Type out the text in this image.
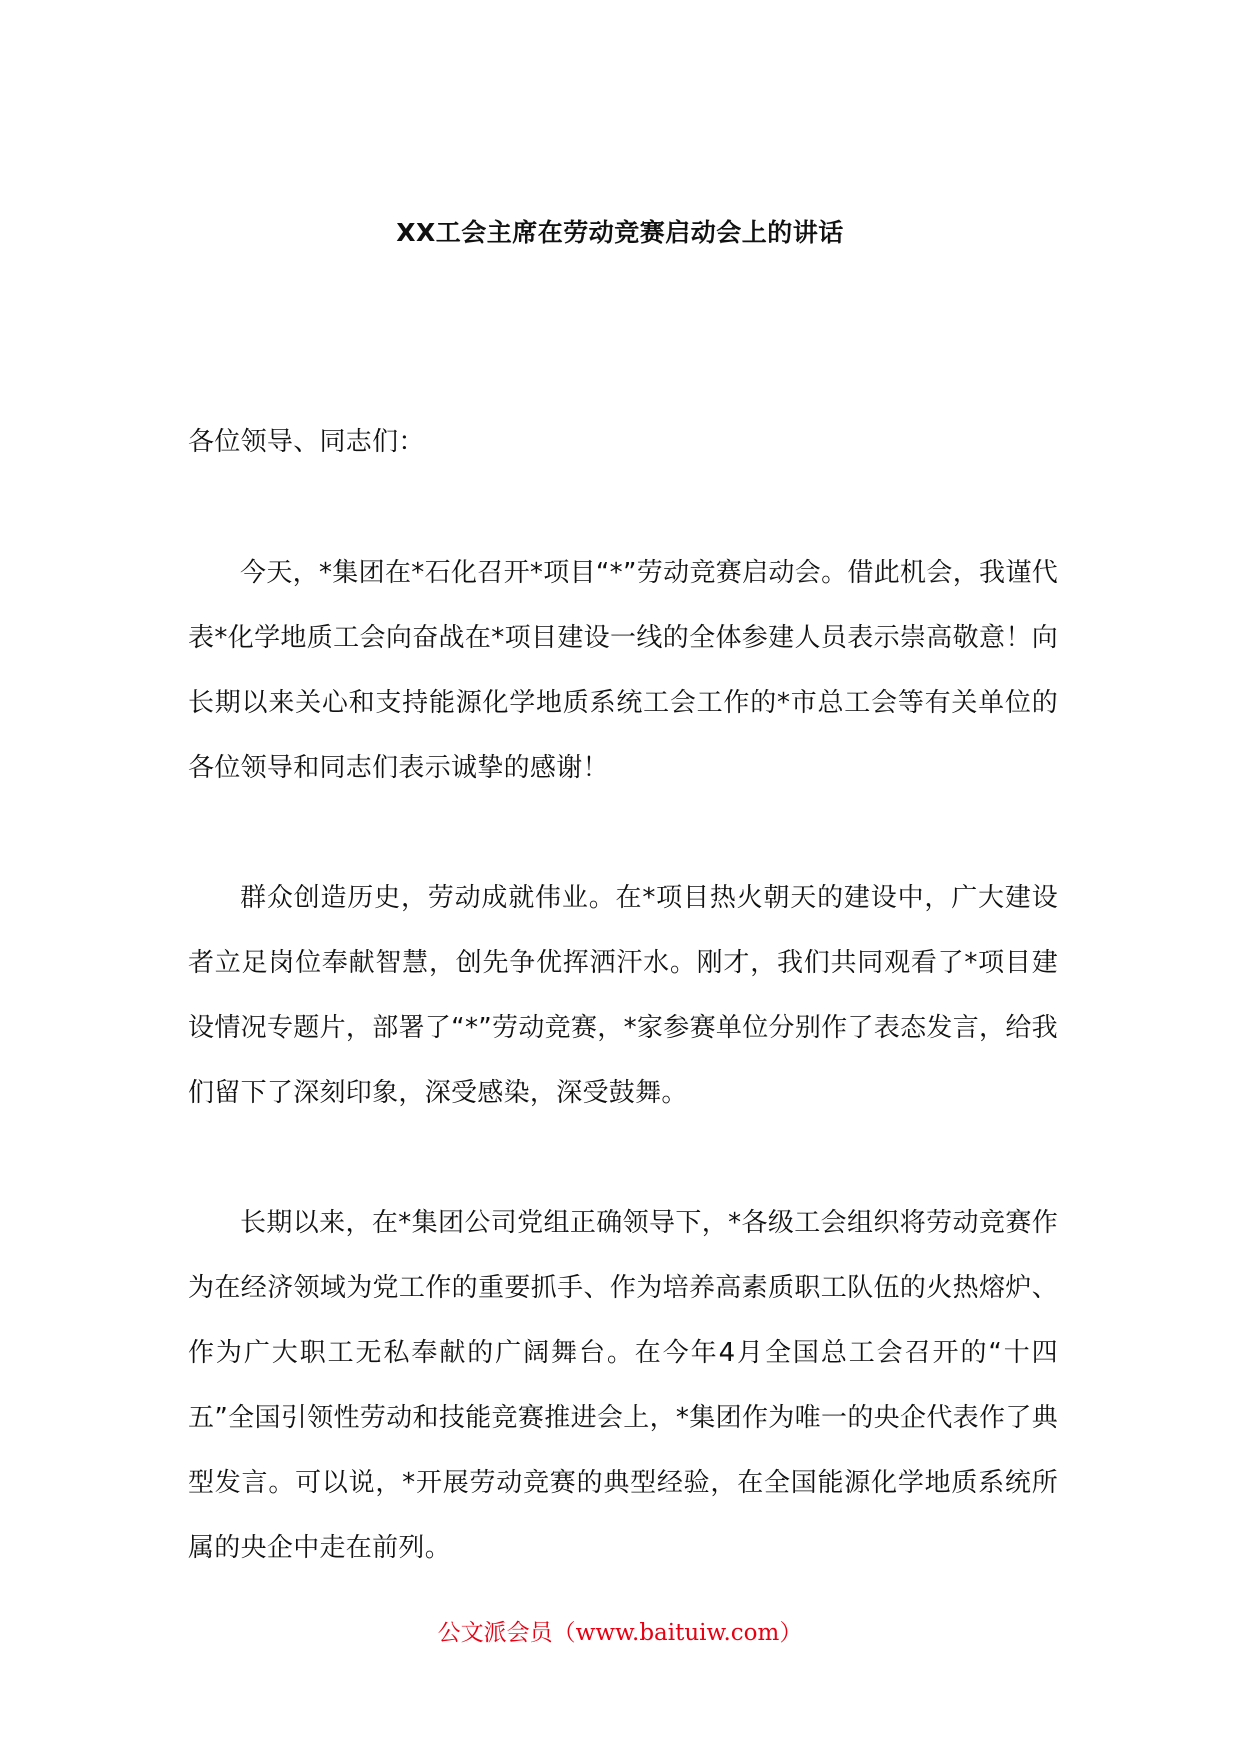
XX工会主席在劳动竞赛启动会上的讲话

各位领导、同志们：

今天，*集团在*石化召开*项目“*”劳动竞赛启动会。借此机会，我谨代表*化学地质工会向奋战在*项目建设一线的全体参建人员表示崇高敬意！向长期以来关心和支持能源化学地质系统工会工作的*市总工会等有关单位的各位领导和同志们表示诚挚的感谢！

群众创造历史，劳动成就伟业。在*项目热火朝天的建设中，广大建设者立足岗位奉献智慧，创先争优挥洒汗水。刚才，我们共同观看了*项目建设情况专题片，部署了“*”劳动竞赛，*家参赛单位分别作了表态发言，给我们留下了深刻印象，深受感染，深受鼓舞。

长期以来，在*集团公司党组正确领导下，*各级工会组织将劳动竞赛作为在经济领域为党工作的重要抓手、作为培养高素质职工队伍的火热熔炉、作为广大职工无私奉献的广阔舞台。在今年4月全国总工会召开的“十四五”全国引领性劳动和技能竞赛推进会上，*集团作为唯一的央企代表作了典型发言。可以说，*开展劳动竞赛的典型经验，在全国能源化学地质系统所属的央企中走在前列。

公文派会员（www.baituiw.com）
